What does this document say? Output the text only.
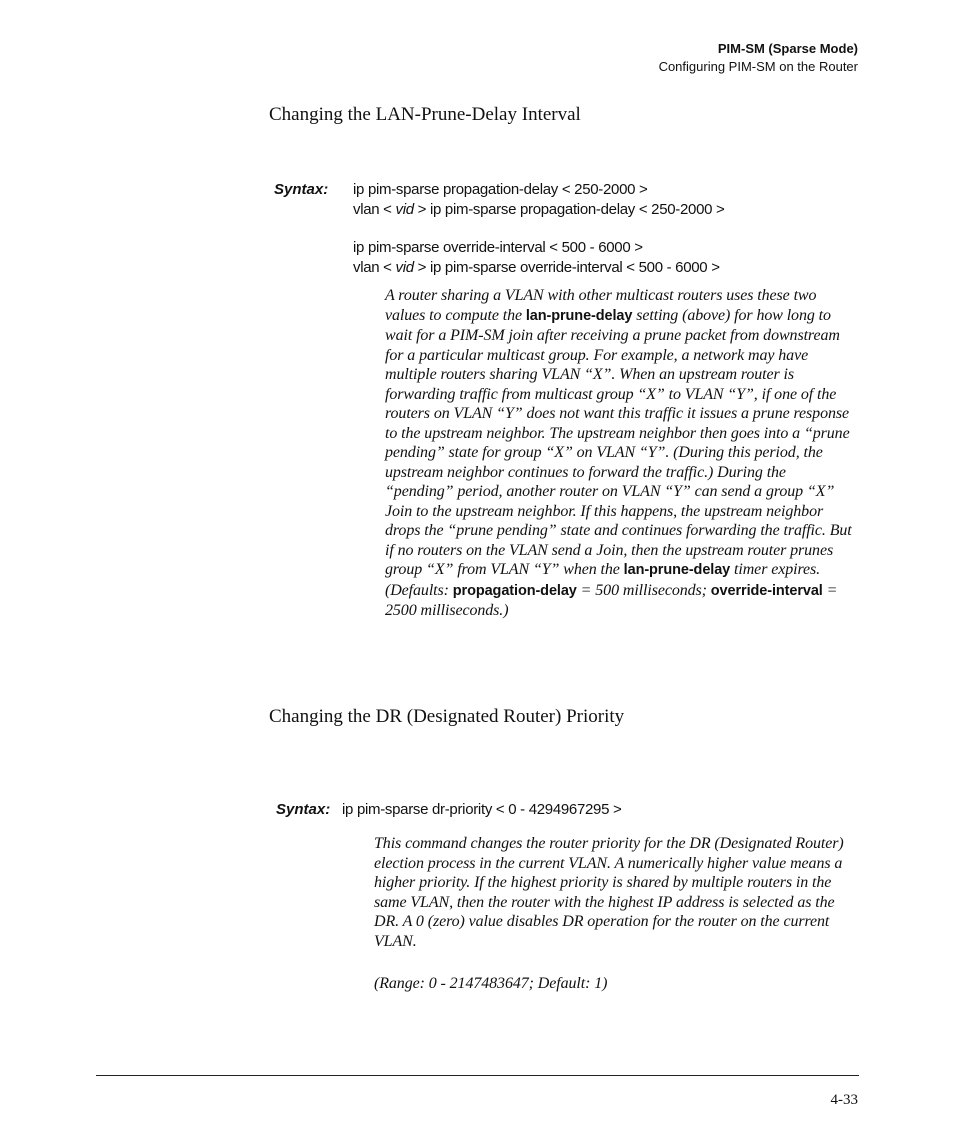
PIM-SM (Sparse Mode)
Configuring PIM-SM on the Router
Changing the LAN-Prune-Delay Interval
Syntax: ip pim-sparse propagation-delay < 250-2000 >
vlan < vid > ip pim-sparse propagation-delay < 250-2000 >
ip pim-sparse override-interval < 500 - 6000 >
vlan < vid > ip pim-sparse override-interval < 500 - 6000 >
A router sharing a VLAN with other multicast routers uses these two values to compute the lan-prune-delay setting (above) for how long to wait for a PIM-SM join after receiving a prune packet from downstream for a particular multicast group. For example, a network may have multiple routers sharing VLAN “X”. When an upstream router is forwarding traffic from multicast group “X” to VLAN “Y”, if one of the routers on VLAN “Y” does not want this traffic it issues a prune response to the upstream neighbor. The upstream neighbor then goes into a “prune pending” state for group “X” on VLAN “Y”. (During this period, the upstream neighbor continues to forward the traffic.) During the “pending” period, another router on VLAN “Y” can send a group “X” Join to the upstream neighbor. If this happens, the upstream neighbor drops the “prune pending” state and continues forwarding the traffic. But if no routers on the VLAN send a Join, then the upstream router prunes group “X” from VLAN “Y” when the lan-prune-delay timer expires. (Defaults: propagation-delay = 500 milliseconds; override-interval = 2500 milliseconds.)
Changing the DR (Designated Router) Priority
Syntax: ip pim-sparse dr-priority < 0 - 4294967295 >
This command changes the router priority for the DR (Designated Router) election process in the current VLAN. A numerically higher value means a higher priority. If the highest priority is shared by multiple routers in the same VLAN, then the router with the highest IP address is selected as the DR. A 0 (zero) value disables DR operation for the router on the current VLAN.
(Range: 0 - 2147483647; Default: 1)
4-33
